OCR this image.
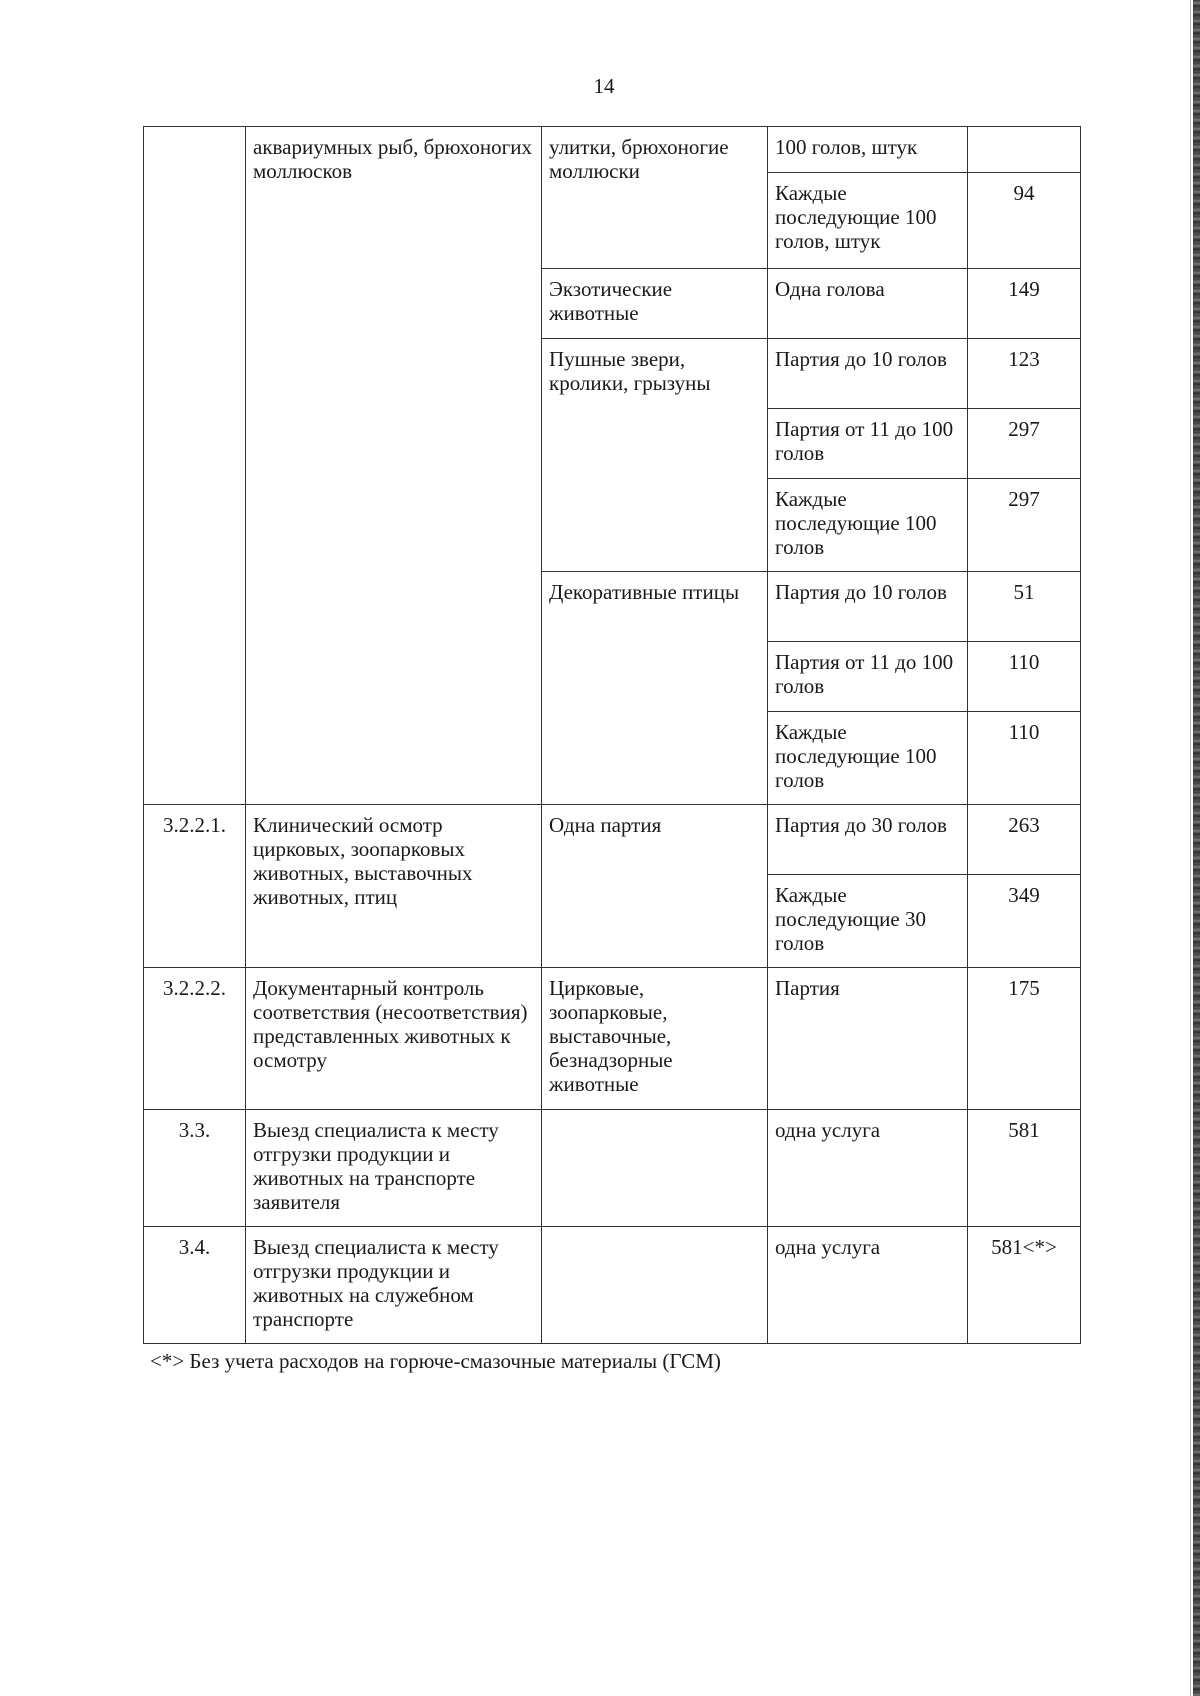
14
	аквариумных рыб, брюхоногих моллюсков	улитки, брюхоногие моллюски	100 голов, штук	
			Каждые последующие 100 голов, штук	94
		Экзотические животные	Одна голова	149
		Пушные звери, кролики, грызуны	Партия до 10 голов	123
			Партия от 11 до 100 голов	297
			Каждые последующие 100 голов	297
		Декоративные птицы	Партия до 10 голов	51
			Партия от 11 до 100 голов	110
			Каждые последующие 100 голов	110

3.2.2.1.	Клинический осмотр цирковых, зоопарковых животных, выставочных животных, птиц	Одна партия	Партия до 30 голов	263
			Каждые последующие 30 голов	349
3.2.2.2.	Документарный контроль соответствия (несоответствия) представленных животных к осмотру	Цирковые, зоопарковые, выставочные, безнадзорные животные	Партия	175
3.3.	Выезд специалиста к месту отгрузки продукции и животных на транспорте заявителя		одна услуга	581
3.4.	Выезд специалиста к месту отгрузки продукции и животных на служебном транспорте		одна услуга	581<*>
<*> Без учета расходов на горюче-смазочные материалы (ГСМ)
